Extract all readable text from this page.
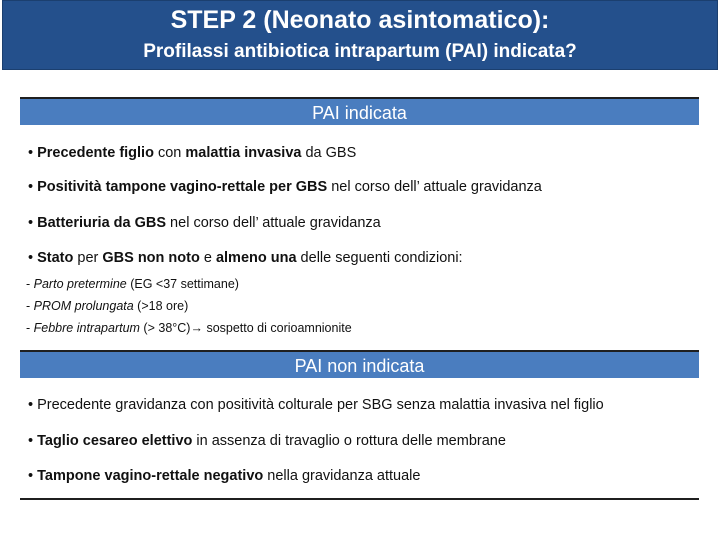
STEP 2 (Neonato asintomatico):
Profilassi antibiotica intrapartum (PAI) indicata?
PAI indicata
• Precedente figlio con malattia invasiva da GBS
• Positività tampone vagino-rettale per GBS nel corso dell’ attuale gravidanza
• Batteriuria da GBS nel corso dell’ attuale gravidanza
• Stato per GBS non noto e almeno una delle seguenti condizioni:
- Parto pretermine (EG <37 settimane)
- PROM prolungata (>18 ore)
- Febbre intrapartum (> 38°C)→ sospetto di corioamnionite
PAI non indicata
• Precedente gravidanza con positività colturale per SBG senza malattia invasiva nel figlio
• Taglio cesareo elettivo in assenza di travaglio o rottura delle membrane
• Tampone vagino-rettale negativo nella gravidanza attuale
